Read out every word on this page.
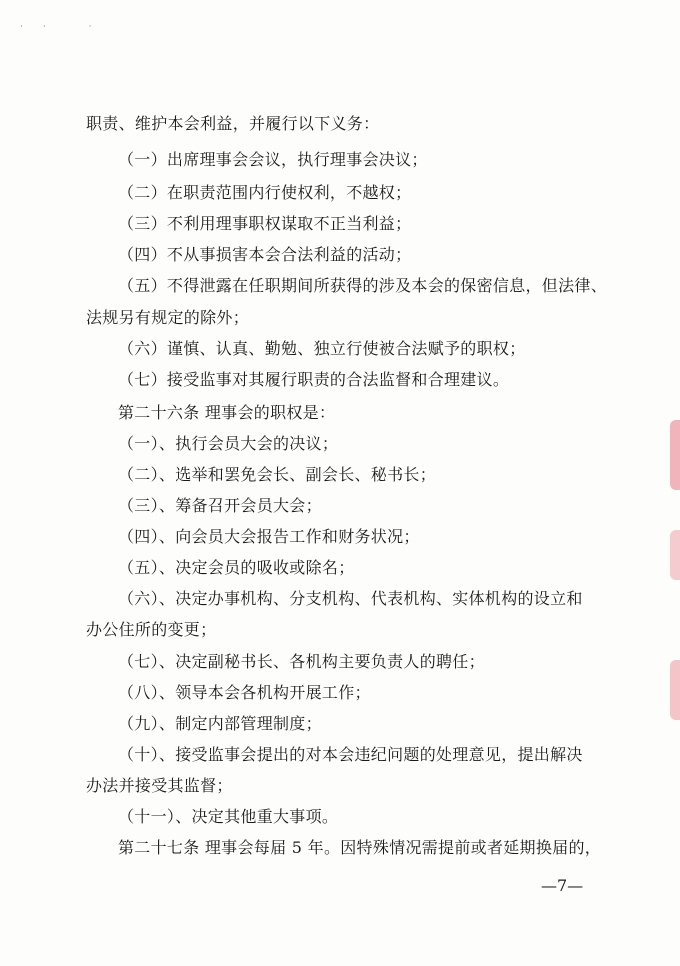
·· ·
职责、维护本会利益，并履行以下义务：
（一）出席理事会会议，执行理事会决议；
（二）在职责范围内行使权利，不越权；
（三）不利用理事职权谋取不正当利益；
（四）不从事损害本会合法利益的活动；
（五）不得泄露在任职期间所获得的涉及本会的保密信息，但法律、
法规另有规定的除外；
（六）谨慎、认真、勤勉、独立行使被合法赋予的职权；
（七）接受监事对其履行职责的合法监督和合理建议。
第二十六条 理事会的职权是：
（一）、执行会员大会的决议；
（二）、选举和罢免会长、副会长、秘书长；
（三）、筹备召开会员大会；
（四）、向会员大会报告工作和财务状况；
（五）、决定会员的吸收或除名；
（六）、决定办事机构、分支机构、代表机构、实体机构的设立和
办公住所的变更；
（七）、决定副秘书长、各机构主要负责人的聘任；
（八）、领导本会各机构开展工作；
（九）、制定内部管理制度；
（十）、接受监事会提出的对本会违纪问题的处理意见，提出解决
办法并接受其监督；
（十一）、决定其他重大事项。
第二十七条 理事会每届 5 年。因特殊情况需提前或者延期换届的，
—7—
